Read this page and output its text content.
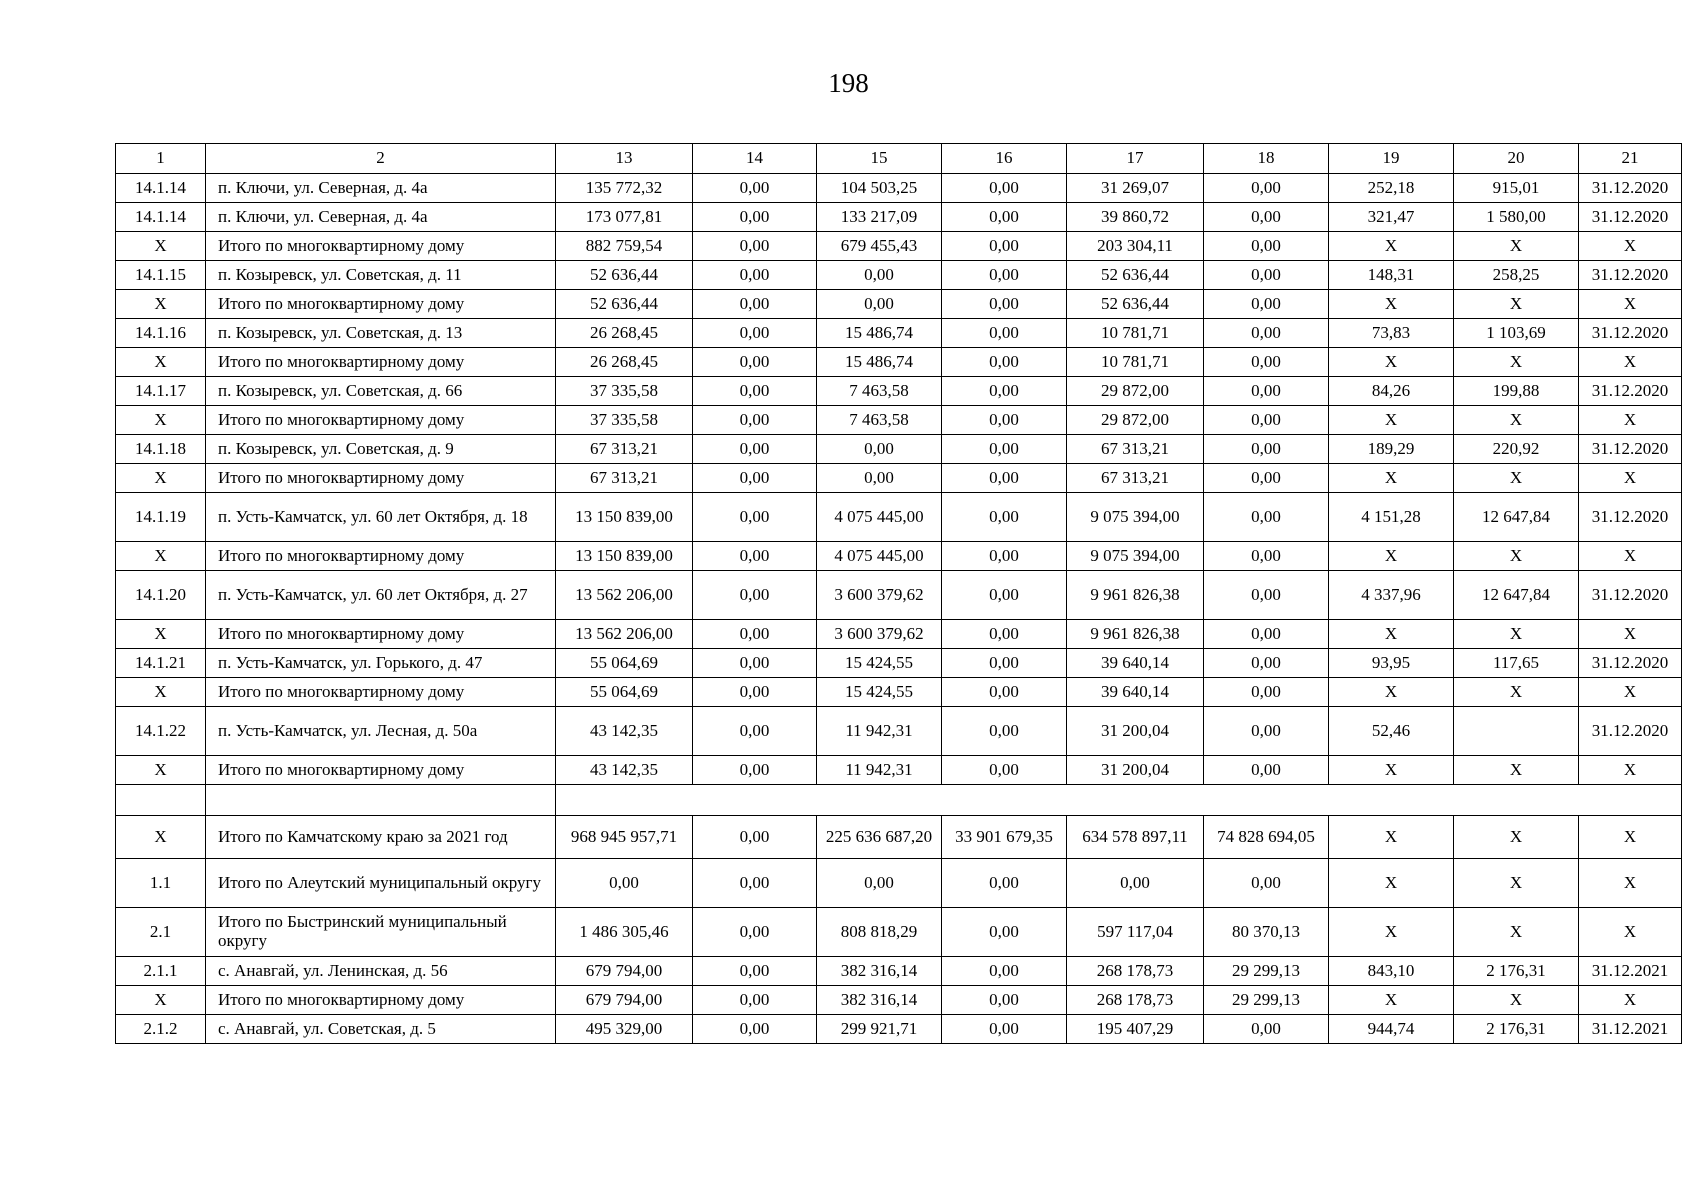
198
1	2	13	14	15	16	17	18	19	20	21
14.1.14	п. Ключи, ул. Северная, д. 4а	135 772,32	0,00	104 503,25	0,00	31 269,07	0,00	252,18	915,01	31.12.2020
14.1.14	п. Ключи, ул. Северная, д. 4а	173 077,81	0,00	133 217,09	0,00	39 860,72	0,00	321,47	1 580,00	31.12.2020
Х	Итого по многоквартирному дому	882 759,54	0,00	679 455,43	0,00	203 304,11	0,00	Х	Х	Х
14.1.15	п. Козыревск, ул. Советская, д. 11	52 636,44	0,00	0,00	0,00	52 636,44	0,00	148,31	258,25	31.12.2020
Х	Итого по многоквартирному дому	52 636,44	0,00	0,00	0,00	52 636,44	0,00	Х	Х	Х
14.1.16	п. Козыревск, ул. Советская, д. 13	26 268,45	0,00	15 486,74	0,00	10 781,71	0,00	73,83	1 103,69	31.12.2020
Х	Итого по многоквартирному дому	26 268,45	0,00	15 486,74	0,00	10 781,71	0,00	Х	Х	Х
14.1.17	п. Козыревск, ул. Советская, д. 66	37 335,58	0,00	7 463,58	0,00	29 872,00	0,00	84,26	199,88	31.12.2020
Х	Итого по многоквартирному дому	37 335,58	0,00	7 463,58	0,00	29 872,00	0,00	Х	Х	Х
14.1.18	п. Козыревск, ул. Советская, д. 9	67 313,21	0,00	0,00	0,00	67 313,21	0,00	189,29	220,92	31.12.2020
Х	Итого по многоквартирному дому	67 313,21	0,00	0,00	0,00	67 313,21	0,00	Х	Х	Х
14.1.19	п. Усть-Камчатск, ул. 60 лет Октября, д. 18	13 150 839,00	0,00	4 075 445,00	0,00	9 075 394,00	0,00	4 151,28	12 647,84	31.12.2020
Х	Итого по многоквартирному дому	13 150 839,00	0,00	4 075 445,00	0,00	9 075 394,00	0,00	Х	Х	Х
14.1.20	п. Усть-Камчатск, ул. 60 лет Октября, д. 27	13 562 206,00	0,00	3 600 379,62	0,00	9 961 826,38	0,00	4 337,96	12 647,84	31.12.2020
Х	Итого по многоквартирному дому	13 562 206,00	0,00	3 600 379,62	0,00	9 961 826,38	0,00	Х	Х	Х
14.1.21	п. Усть-Камчатск, ул. Горького, д. 47	55 064,69	0,00	15 424,55	0,00	39 640,14	0,00	93,95	117,65	31.12.2020
Х	Итого по многоквартирному дому	55 064,69	0,00	15 424,55	0,00	39 640,14	0,00	Х	Х	Х
14.1.22	п. Усть-Камчатск, ул. Лесная, д. 50а	43 142,35	0,00	11 942,31	0,00	31 200,04	0,00	52,46		31.12.2020
Х	Итого по многоквартирному дому	43 142,35	0,00	11 942,31	0,00	31 200,04	0,00	Х	Х	Х

Х	Итого по Камчатскому краю за 2021 год	968 945 957,71	0,00	225 636 687,20	33 901 679,35	634 578 897,11	74 828 694,05	Х	Х	Х
1.1	Итого по Алеутский муниципальный округу	0,00	0,00	0,00	0,00	0,00	0,00	Х	Х	Х
2.1	Итого по Быстринский муниципальный округу	1 486 305,46	0,00	808 818,29	0,00	597 117,04	80 370,13	Х	Х	Х
2.1.1	с. Анавгай, ул. Ленинская, д. 56	679 794,00	0,00	382 316,14	0,00	268 178,73	29 299,13	843,10	2 176,31	31.12.2021
Х	Итого по многоквартирному дому	679 794,00	0,00	382 316,14	0,00	268 178,73	29 299,13	Х	Х	Х
2.1.2	с. Анавгай, ул. Советская, д. 5	495 329,00	0,00	299 921,71	0,00	195 407,29	0,00	944,74	2 176,31	31.12.2021
